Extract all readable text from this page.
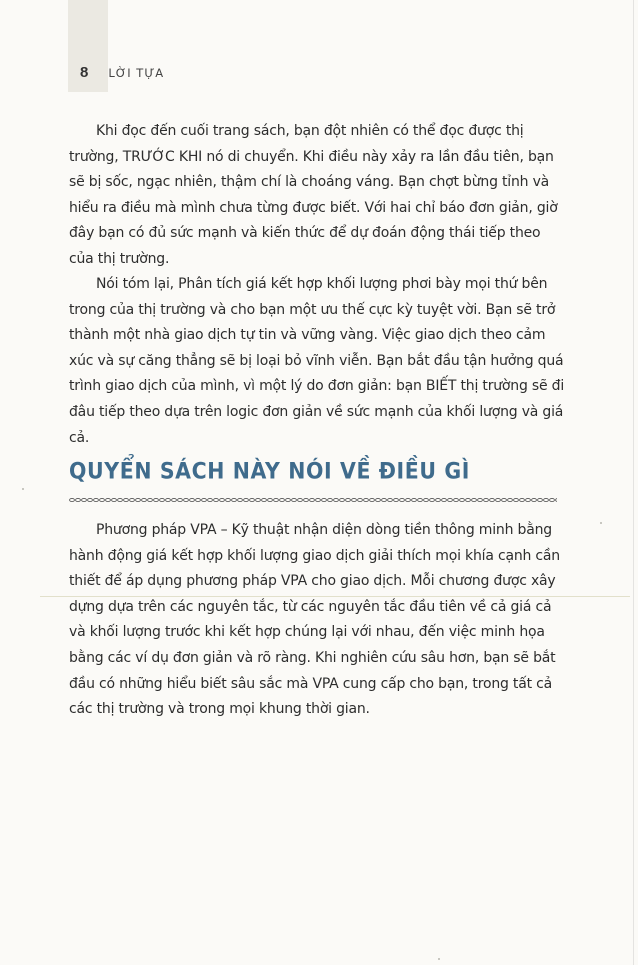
8 LỜI TỰA

Khi đọc đến cuối trang sách, bạn đột nhiên có thể đọc được thị trường, TRƯỚC KHI nó di chuyển. Khi điều này xảy ra lần đầu tiên, bạn sẽ bị sốc, ngạc nhiên, thậm chí là choáng váng. Bạn chợt bừng tỉnh và hiểu ra điều mà mình chưa từng được biết. Với hai chỉ báo đơn giản, giờ đây bạn có đủ sức mạnh và kiến thức để dự đoán động thái tiếp theo của thị trường.

Nói tóm lại, Phân tích giá kết hợp khối lượng phơi bày mọi thứ bên trong của thị trường và cho bạn một ưu thế cực kỳ tuyệt vời. Bạn sẽ trở thành một nhà giao dịch tự tin và vững vàng. Việc giao dịch theo cảm xúc và sự căng thẳng sẽ bị loại bỏ vĩnh viễn. Bạn bắt đầu tận hưởng quá trình giao dịch của mình, vì một lý do đơn giản: bạn BIẾT thị trường sẽ đi đâu tiếp theo dựa trên logic đơn giản về sức mạnh của khối lượng và giá cả.

QUYỂN SÁCH NÀY NÓI VỀ ĐIỀU GÌ

Phương pháp VPA – Kỹ thuật nhận diện dòng tiền thông minh bằng hành động giá kết hợp khối lượng giao dịch giải thích mọi khía cạnh cần thiết để áp dụng phương pháp VPA cho giao dịch. Mỗi chương được xây dựng dựa trên các nguyên tắc, từ các nguyên tắc đầu tiên về cả giá cả và khối lượng trước khi kết hợp chúng lại với nhau, đến việc minh họa bằng các ví dụ đơn giản và rõ ràng. Khi nghiên cứu sâu hơn, bạn sẽ bắt đầu có những hiểu biết sâu sắc mà VPA cung cấp cho bạn, trong tất cả các thị trường và trong mọi khung thời gian.
